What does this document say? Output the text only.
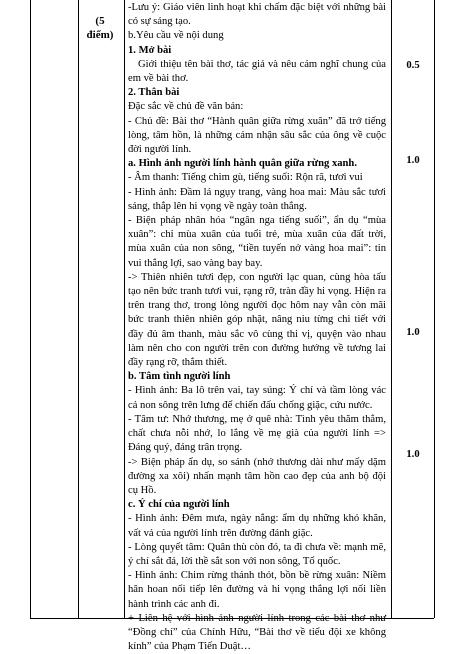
(5
điểm)

-Lưu ý: Giáo viên linh hoạt khi chấm đặc biệt với những bài có sự sáng tạo.

b.Yêu cầu về nội dung

1. Mở bài

Giới thiệu tên bài thơ, tác giả và nêu cảm nghĩ chung của em về bài thơ.

2. Thân bài

Đặc sắc về chủ đề văn bản:

- Chủ đề: Bài thơ “Hành quân giữa rừng xuân” đã trở tiếng lòng, tâm hồn, là những cảm nhận sâu sắc của ông về cuộc đời người lính.

a. Hình ảnh người lính hành quân giữa rừng xanh.

- Âm thanh: Tiếng chim gù, tiếng suối: Rộn rã, tươi vui

- Hình ảnh: Đầm lá ngụy trang, vàng hoa mai: Màu sắc tươi sáng, thắp lên hi vọng về ngày toàn thắng.

- Biện pháp nhân hóa “ngân nga tiếng suối”, ẩn dụ “mùa xuân”: chỉ mùa xuân của tuổi trẻ, mùa xuân của đất trời, mùa xuân của non sông, “tiền tuyến nở vàng hoa mai”: tin vui thắng lợi, sao vàng bay bay.

-> Thiên nhiên tươi đẹp, con người lạc quan, cùng hòa tấu tạo nên bức tranh tươi vui, rạng rỡ, tràn đầy hi vọng. Hiện ra trên trang thơ, trong lòng người đọc hôm nay vẫn còn mãi bức tranh thiên nhiên góp nhặt, nâng niu từng chi tiết với đầy đủ âm thanh, màu sắc vô cùng thi vị, quyện vào nhau làm nên cho con người trên con đường hướng về tương lai đầy rạng rỡ, thắm thiết.

b. Tâm tình người lính

- Hình ảnh: Ba lô trên vai, tay súng: Ý chí và tầm lòng vác cả non sông trên lưng để chiến đấu chống giặc, cứu nước.

- Tâm tư: Nhớ thương, mẹ ở quê nhà: Tình yêu thăm thẳm, chất chưa nỗi nhớ, lo lắng về mẹ già của người lính => Đáng quý, đáng trân trọng.

-> Biện pháp ẩn dụ, so sánh (nhớ thương dài như mấy dặm đường xa xôi) nhấn mạnh tâm hồn cao đẹp của anh bộ đội cụ Hồ.

c. Ý chí của người lính

- Hình ảnh: Đêm mưa, ngày nắng: ẩm dụ những khó khăn, vất vả của người lính trên đường đánh giặc.

- Lòng quyết tâm: Quân thù còn đó, ta đi chưa về: mạnh mẽ, ý chí sắt đá, lời thề sắt son với non sông, Tổ quốc.

- Hình ảnh: Chim rừng thánh thót, bồn bề rừng xuân: Niềm hân hoan nối tiếp lên đường và hi vọng thắng lợi nối liền hành trình các anh đi.

+ Liên hệ với hình ảnh người lính trong các bài thơ như “Đồng chí” của Chính Hữu, “Bài thơ về tiểu đội xe không kính” của Phạm Tiến Duật…

0.5
1.0
1.0
1.0
